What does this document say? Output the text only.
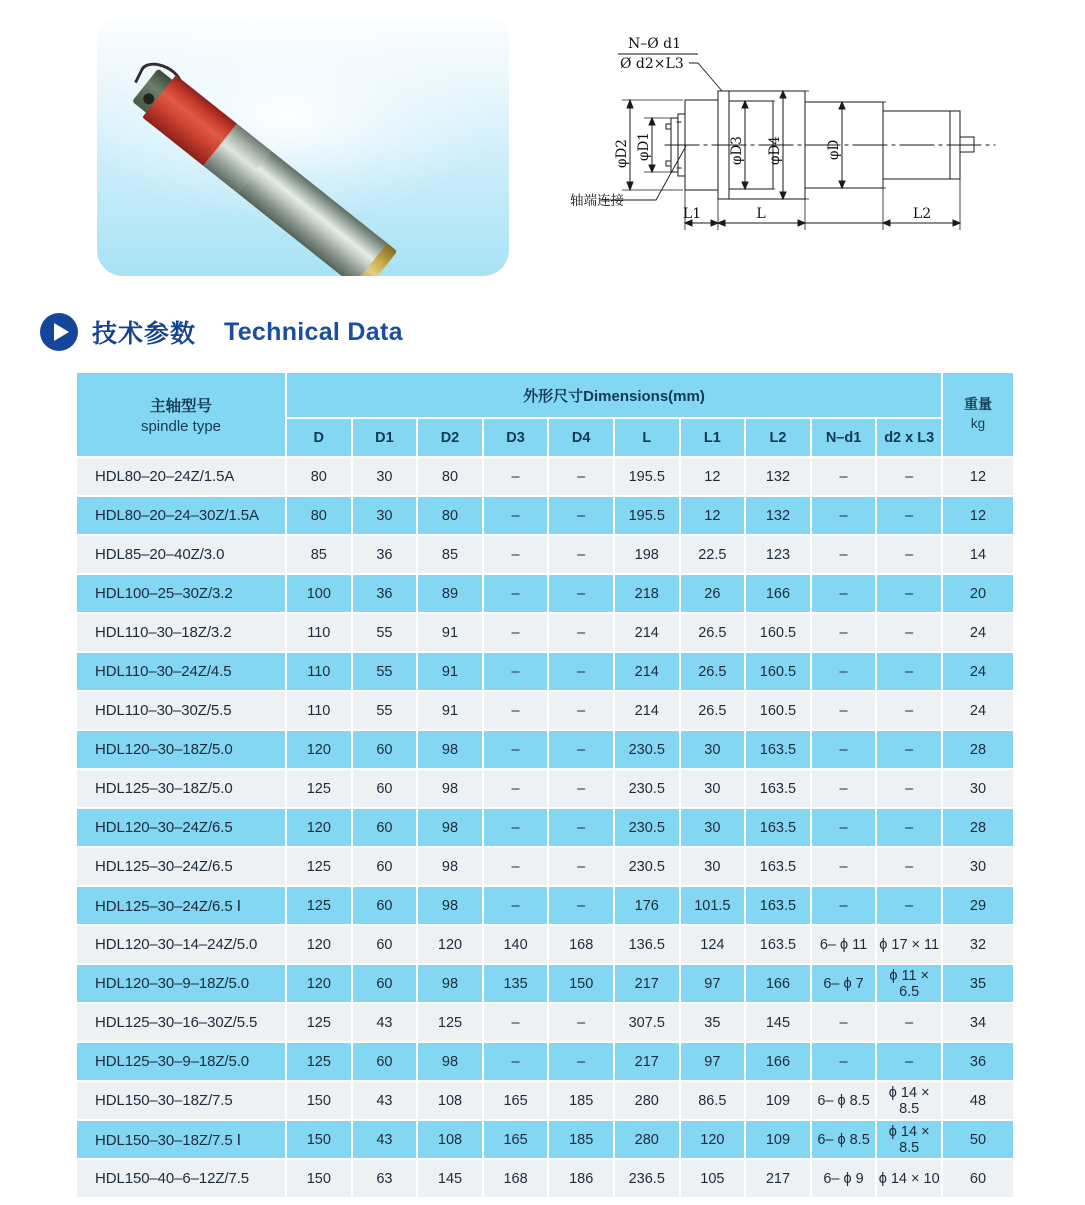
N–Ø d1
Ø d2×L3
φD2 φD1	φD3 φD4	φD
L1	L	L2
轴端连接
技术参数 Technical Data
主轴型号
spindle type	外形尺寸Dimensions(mm)										重量
kg

	D	D1	D2	D3	D4	L	L1	L2	N–d1	d2 x L3	
HDL80–20–24Z/1.5A	80	30	80	–	–	195.5	12	132	–	–	12
HDL80–20–24–30Z/1.5A	80	30	80	–	–	195.5	12	132	–	–	12
HDL85–20–40Z/3.0	85	36	85	–	–	198	22.5	123	–	–	14
HDL100–25–30Z/3.2	100	36	89	–	–	218	26	166	–	–	20
HDL110–30–18Z/3.2	110	55	91	–	–	214	26.5	160.5	–	–	24
HDL110–30–24Z/4.5	110	55	91	–	–	214	26.5	160.5	–	–	24
HDL110–30–30Z/5.5	110	55	91	–	–	214	26.5	160.5	–	–	24
HDL120–30–18Z/5.0	120	60	98	–	–	230.5	30	163.5	–	–	28
HDL125–30–18Z/5.0	125	60	98	–	–	230.5	30	163.5	–	–	30
HDL120–30–24Z/6.5	120	60	98	–	–	230.5	30	163.5	–	–	28
HDL125–30–24Z/6.5	125	60	98	–	–	230.5	30	163.5	–	–	30
HDL125–30–24Z/6.5 Ⅰ	125	60	98	–	–	176	101.5	163.5	–	–	29
HDL120–30–14–24Z/5.0	120	60	120	140	168	136.5	124	163.5	6– ϕ 11	ϕ 17 × 11	32
HDL120–30–9–18Z/5.0	120	60	98	135	150	217	97	166	6– ϕ 7	ϕ 11 × 6.5	35
HDL125–30–16–30Z/5.5	125	43	125	–	–	307.5	35	145	–	–	34
HDL125–30–9–18Z/5.0	125	60	98	–	–	217	97	166	–	–	36
HDL150–30–18Z/7.5	150	43	108	165	185	280	86.5	109	6– ϕ 8.5	ϕ 14 × 8.5	48
HDL150–30–18Z/7.5 Ⅰ	150	43	108	165	185	280	120	109	6– ϕ 8.5	ϕ 14 × 8.5	50
HDL150–40–6–12Z/7.5	150	63	145	168	186	236.5	105	217	6– ϕ 9	ϕ 14 × 10	60
